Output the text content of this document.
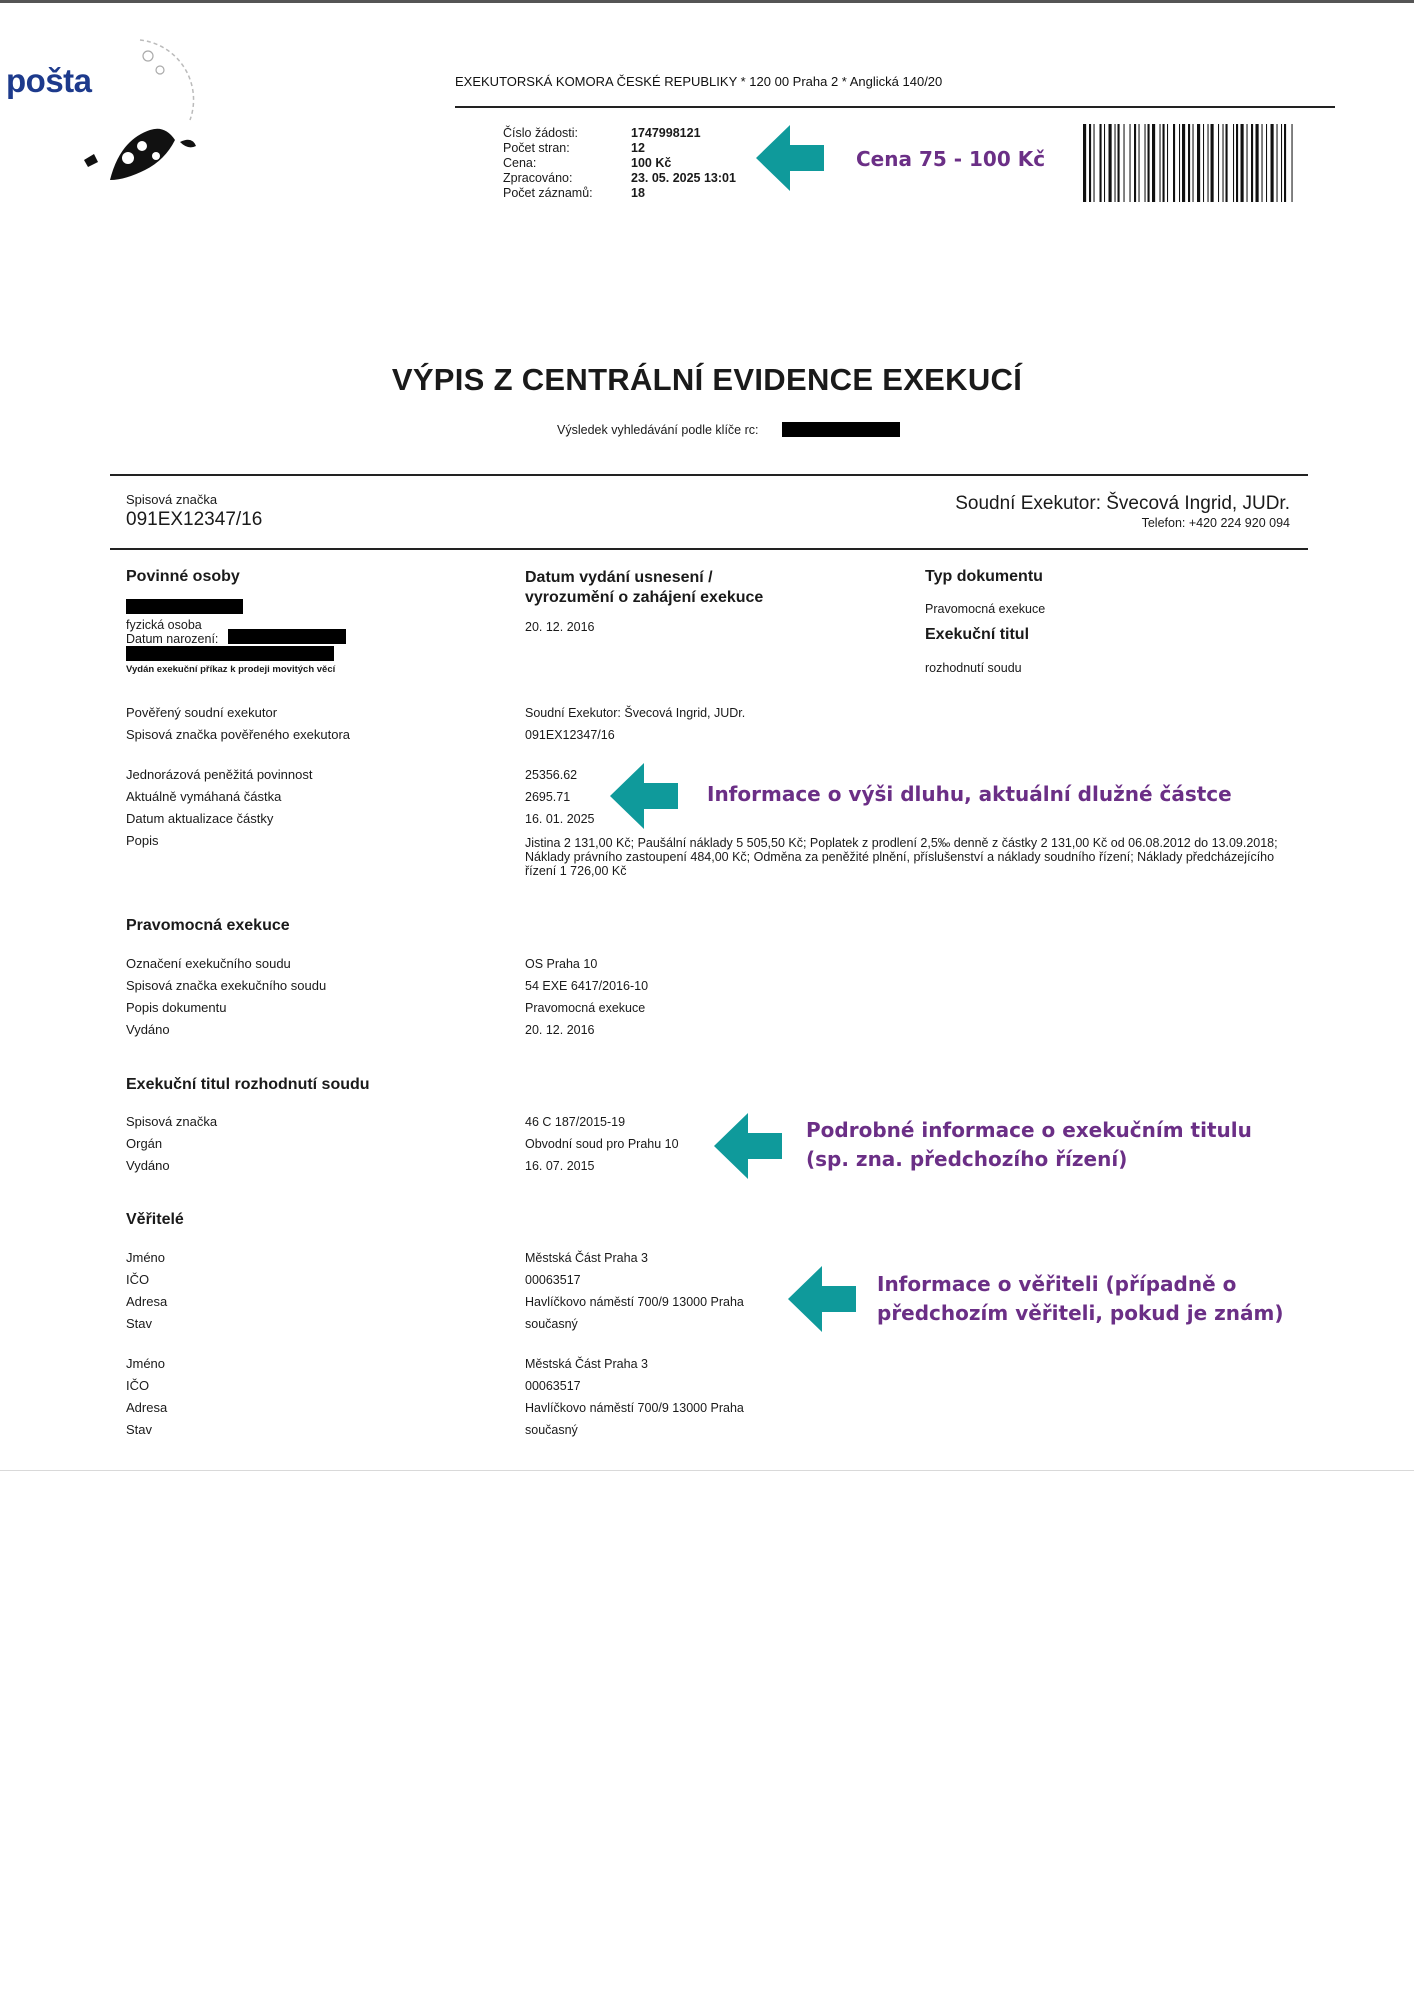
pošta	EXEKUTORSKÁ KOMORA ČESKÉ REPUBLIKY * 120 00 Praha 2 * Anglická 140/20
Číslo žádosti:
Počet stran:
Cena:
Zpracováno:
Počet záznamů:
1747998121
12
100 Kč
23. 05. 2025 13:01
18
Cena 75 - 100 Kč
VÝPIS Z CENTRÁLNÍ EVIDENCE EXEKUCÍ
Výsledek vyhledávání podle klíče rc:
Spisová značka
091EX12347/16
Soudní Exekutor: Švecová Ingrid, JUDr.
Telefon: +420 224 920 094
Povinné osoby
fyzická osoba
Datum narození:
Vydán exekuční příkaz k prodeji movitých věcí
Datum vydání usnesení /
vyrozumění o zahájení exekuce
20. 12. 2016
Typ dokumentu
Pravomocná exekuce
Exekuční titul
rozhodnutí soudu
Pověřený soudní exekutor
Spisová značka pověřeného exekutora
Soudní Exekutor: Švecová Ingrid, JUDr.
091EX12347/16
Jednorázová peněžitá povinnost
Aktuálně vymáhaná částka
Datum aktualizace částky
Popis
25356.62
2695.71
16. 01. 2025
Jistina 2 131,00 Kč; Paušální náklady 5 505,50 Kč; Poplatek z prodlení 2,5‰ denně z částky 2 131,00 Kč od 06.08.2012 do 13.09.2018; Náklady právního zastoupení 484,00 Kč; Odměna za peněžité plnění, příslušenství a náklady soudního řízení; Náklady předcházejícího řízení 1 726,00 Kč
Informace o výši dluhu, aktuální dlužné částce
Pravomocná exekuce
Označení exekučního soudu
Spisová značka exekučního soudu
Popis dokumentu
Vydáno
OS Praha 10
54 EXE 6417/2016-10
Pravomocná exekuce
20. 12. 2016
Exekuční titul rozhodnutí soudu
Spisová značka
Orgán
Vydáno
46 C 187/2015-19
Obvodní soud pro Prahu 10
16. 07. 2015
Podrobné informace o exekučním titulu
(sp. zna. předchozího řízení)
Věřitelé
Jméno
IČO
Adresa
Stav
Městská Část Praha 3
00063517
Havlíčkovo náměstí 700/9 13000 Praha
současný
Jméno
IČO
Adresa
Stav
Městská Část Praha 3
00063517
Havlíčkovo náměstí 700/9 13000 Praha
současný
Informace o věřiteli (případně o
předchozím věřiteli, pokud je znám)
